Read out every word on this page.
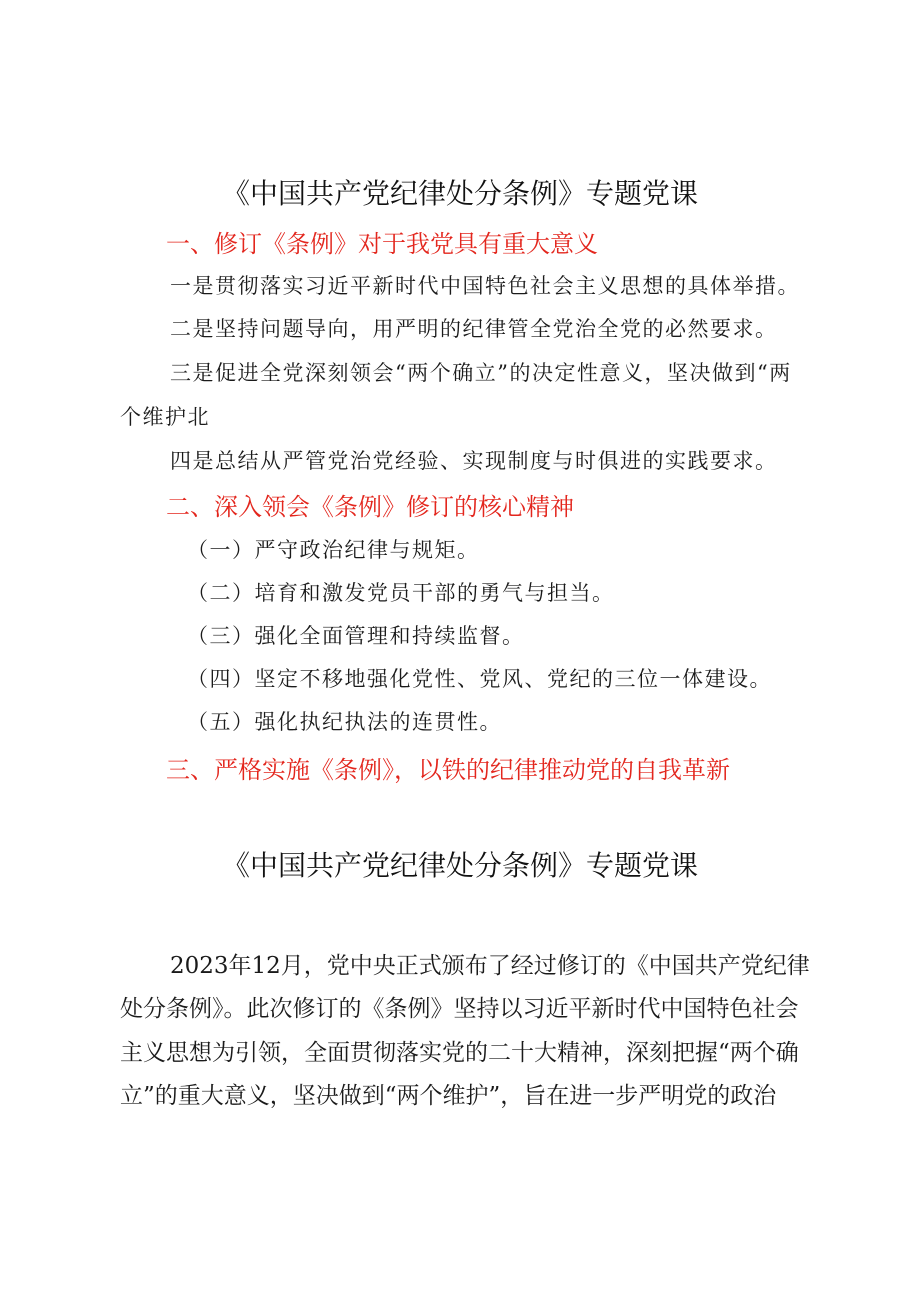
《中国共产党纪律处分条例》专题党课
一、修订《条例》对于我党具有重大意义
一是贯彻落实习近平新时代中国特色社会主义思想的具体举措。
二是坚持问题导向，用严明的纪律管全党治全党的必然要求。
三是促进全党深刻领会“两个确立”的决定性意义，坚决做到“两
个维护北
四是总结从严管党治党经验、实现制度与时俱进的实践要求。
二、深入领会《条例》修订的核心精神
（一）严守政治纪律与规矩。
（二）培育和激发党员干部的勇气与担当。
（三）强化全面管理和持续监督。
（四）坚定不移地强化党性、党风、党纪的三位一体建设。
（五）强化执纪执法的连贯性。
三、严格实施《条例》，以铁的纪律推动党的自我革新
《中国共产党纪律处分条例》专题党课
2023年12月，党中央正式颁布了经过修订的《中国共产党纪律
处分条例》。此次修订的《条例》坚持以习近平新时代中国特色社会
主义思想为引领，全面贯彻落实党的二十大精神，深刻把握“两个确
立”的重大意义，坚决做到“两个维护”，旨在进一步严明党的政治
